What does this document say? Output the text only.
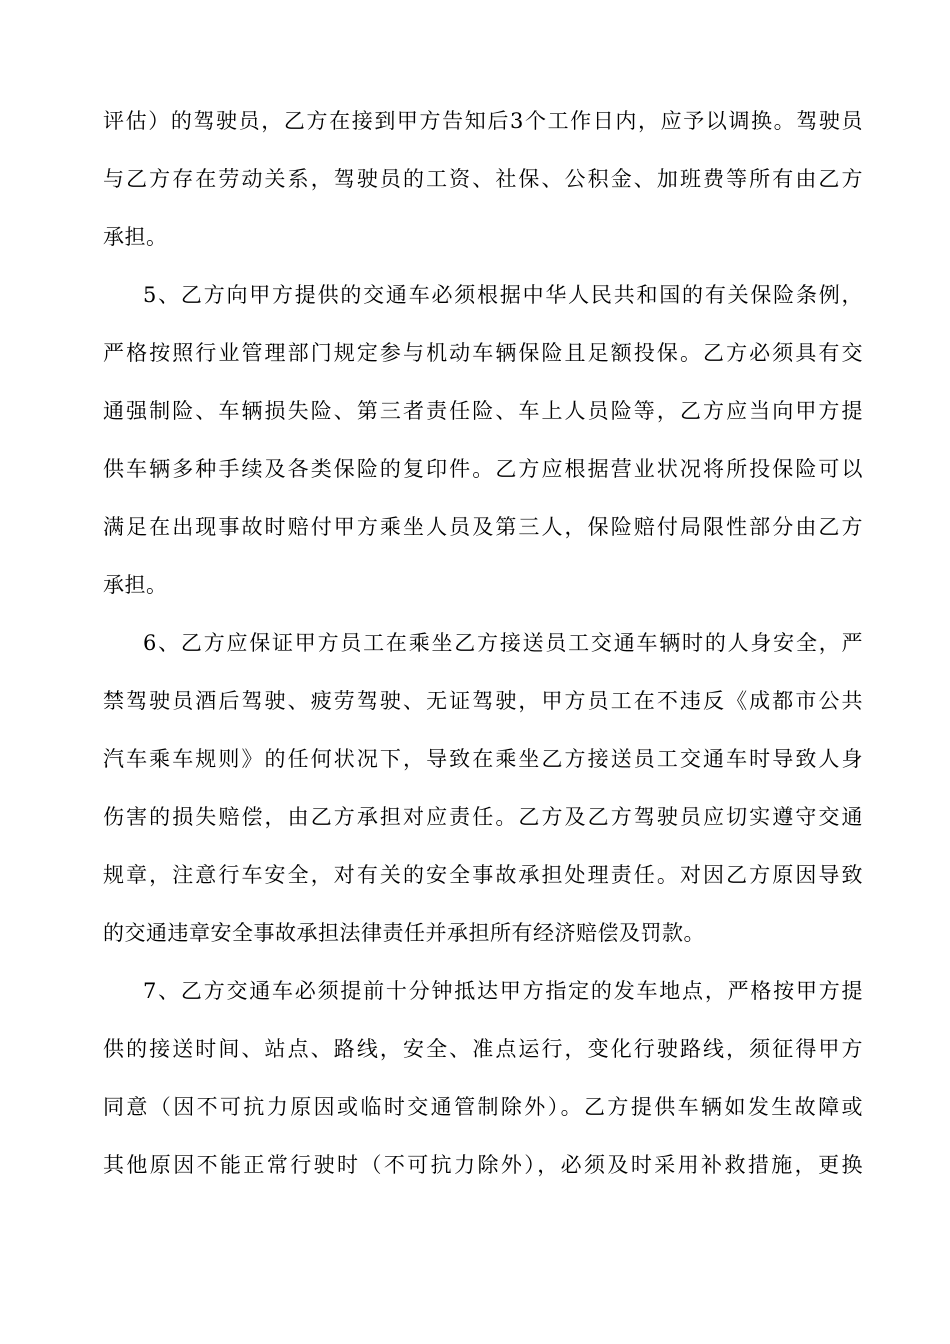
评估）的驾驶员，乙方在接到甲方告知后3个工作日内，应予以调换。驾驶员
与乙方存在劳动关系，驾驶员的工资、社保、公积金、加班费等所有由乙方
承担。
5、乙方向甲方提供的交通车必须根据中华人民共和国的有关保险条例，
严格按照行业管理部门规定参与机动车辆保险且足额投保。乙方必须具有交
通强制险、车辆损失险、第三者责任险、车上人员险等，乙方应当向甲方提
供车辆多种手续及各类保险的复印件。乙方应根据营业状况将所投保险可以
满足在出现事故时赔付甲方乘坐人员及第三人，保险赔付局限性部分由乙方
承担。
6、乙方应保证甲方员工在乘坐乙方接送员工交通车辆时的人身安全，严
禁驾驶员酒后驾驶、疲劳驾驶、无证驾驶，甲方员工在不违反《成都市公共
汽车乘车规则》的任何状况下，导致在乘坐乙方接送员工交通车时导致人身
伤害的损失赔偿，由乙方承担对应责任。乙方及乙方驾驶员应切实遵守交通
规章，注意行车安全，对有关的安全事故承担处理责任。对因乙方原因导致
的交通违章安全事故承担法律责任并承担所有经济赔偿及罚款。
7、乙方交通车必须提前十分钟抵达甲方指定的发车地点，严格按甲方提
供的接送时间、站点、路线，安全、准点运行，变化行驶路线，须征得甲方
同意（因不可抗力原因或临时交通管制除外）。乙方提供车辆如发生故障或
其他原因不能正常行驶时（不可抗力除外），必须及时采用补救措施，更换
